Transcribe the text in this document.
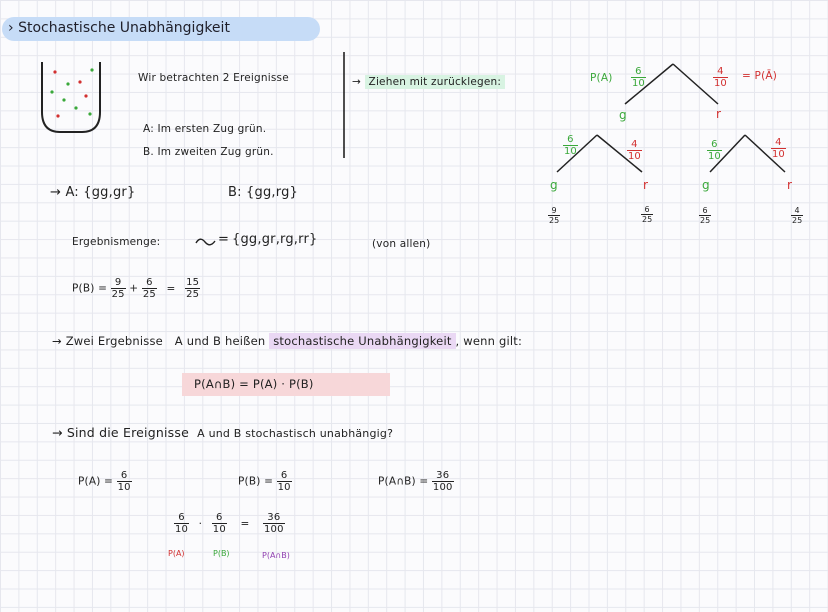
› Stochastische Unabhängigkeit
Wir betrachten 2 Ereignisse
A: Im ersten Zug grün.
B. Im zweiten Zug grün.
→ Ziehen mit zurücklegen:
→ A: {gg,gr}	B: {gg,rg}
Ergebnismenge:	= {gg,gr,rg,rr}	(von allen)
$P(B) = \frac{9}{25} + \frac{6}{25} = \frac{15}{25}$
→ Zwei Ergebnisse A und B heißen stochastische Unabhängigkeit , wenn gilt:
P(A∩B) = P(A) · P(B)
→ Sind die Ereignisse A und B stochastisch unabhängig?
$P(A) = \frac{6}{10}$	$P(B) = \frac{6}{10}$	P(A∩B) = $\frac{36}{100}$
$\frac{6}{10} \cdot \frac{6}{10} = \frac{36}{100}$
P(A)	P(B)	P(A∩B)
$P(A) \frac{6}{10}$	$\frac{4}{10}$ = P(Ā)
g	r
$\frac{6}{10}$	$\frac{4}{10}$	$\frac{6}{10}$	$\frac{4}{10}$
g	r	g	r
$\frac{9}{25}$	$\frac{6}{25}$	$\frac{6}{25}$	$\frac{4}{25}$
